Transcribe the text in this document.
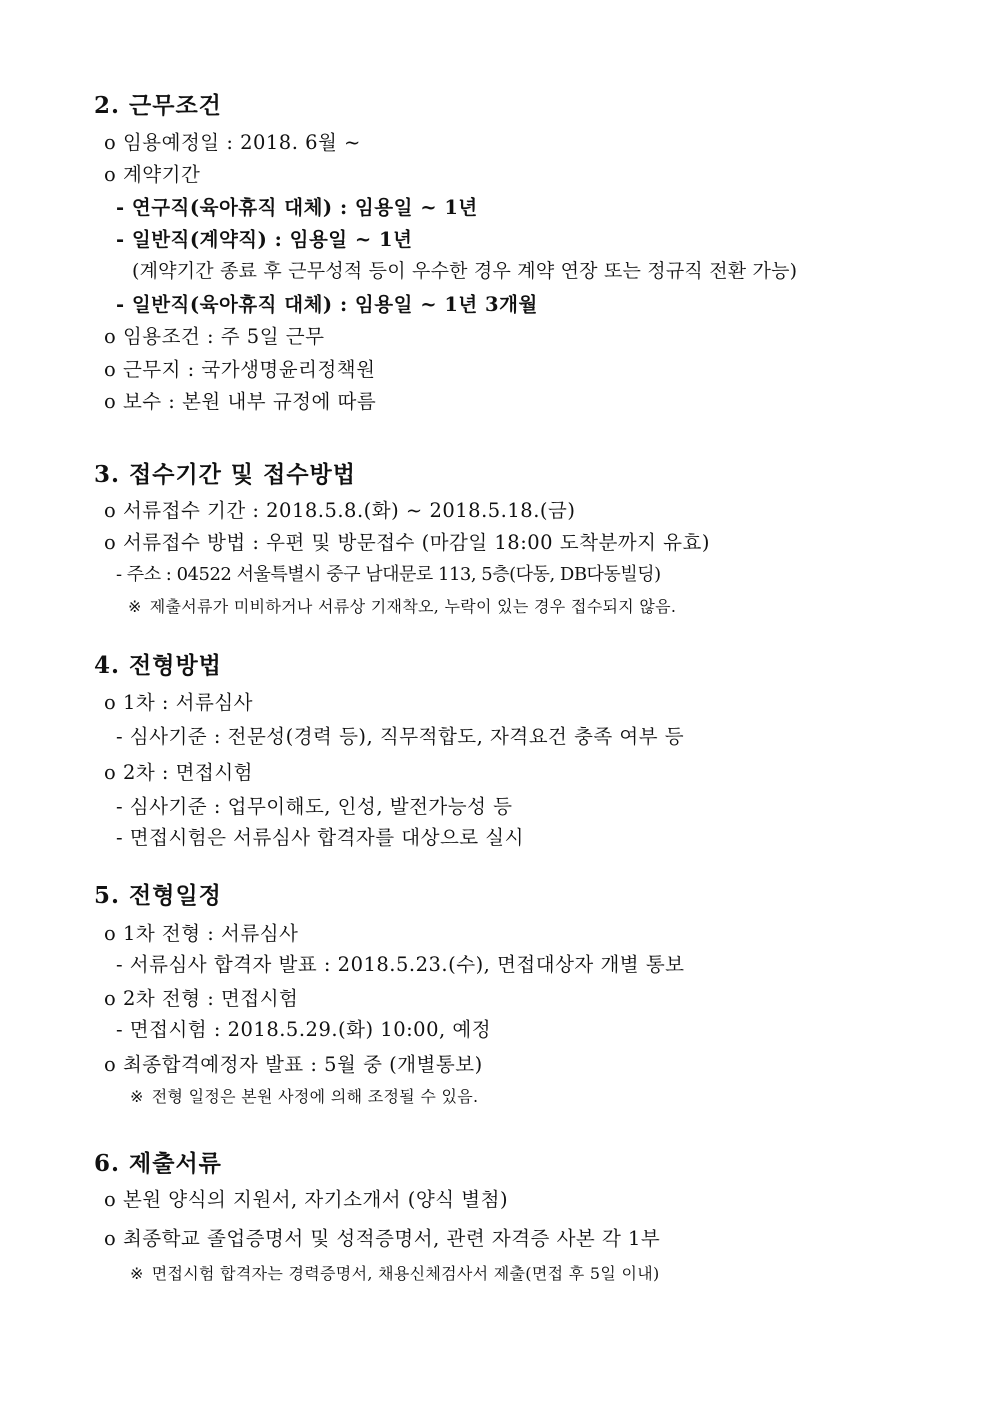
2. 근무조건
o 임용예정일 : 2018. 6월 ~
o 계약기간
- 연구직(육아휴직 대체) : 임용일 ~ 1년
- 일반직(계약직) : 임용일 ~ 1년
(계약기간 종료 후 근무성적 등이 우수한 경우 계약 연장 또는 정규직 전환 가능)
- 일반직(육아휴직 대체) : 임용일 ~ 1년 3개월
o 임용조건 : 주 5일 근무
o 근무지 : 국가생명윤리정책원
o 보수 : 본원 내부 규정에 따름
3. 접수기간 및 접수방법
o 서류접수 기간 : 2018.5.8.(화) ∼ 2018.5.18.(금)
o 서류접수 방법 : 우편 및 방문접수 (마감일 18:00 도착분까지 유효)
- 주소 : 04522 서울특별시 중구 남대문로 113, 5층(다동, DB다동빌딩)
※ 제출서류가 미비하거나 서류상 기재착오, 누락이 있는 경우 접수되지 않음.
4. 전형방법
o 1차 : 서류심사
- 심사기준 : 전문성(경력 등), 직무적합도, 자격요건 충족 여부 등
o 2차 : 면접시험
- 심사기준 : 업무이해도, 인성, 발전가능성 등
- 면접시험은 서류심사 합격자를 대상으로 실시
5. 전형일정
o 1차 전형 : 서류심사
- 서류심사 합격자 발표 : 2018.5.23.(수), 면접대상자 개별 통보
o 2차 전형 : 면접시험
- 면접시험 : 2018.5.29.(화) 10:00, 예정
o 최종합격예정자 발표 : 5월 중 (개별통보)
※ 전형 일정은 본원 사정에 의해 조정될 수 있음.
6. 제출서류
o 본원 양식의 지원서, 자기소개서 (양식 별첨)
o 최종학교 졸업증명서 및 성적증명서, 관련 자격증 사본 각 1부
※ 면접시험 합격자는 경력증명서, 채용신체검사서 제출(면접 후 5일 이내)
